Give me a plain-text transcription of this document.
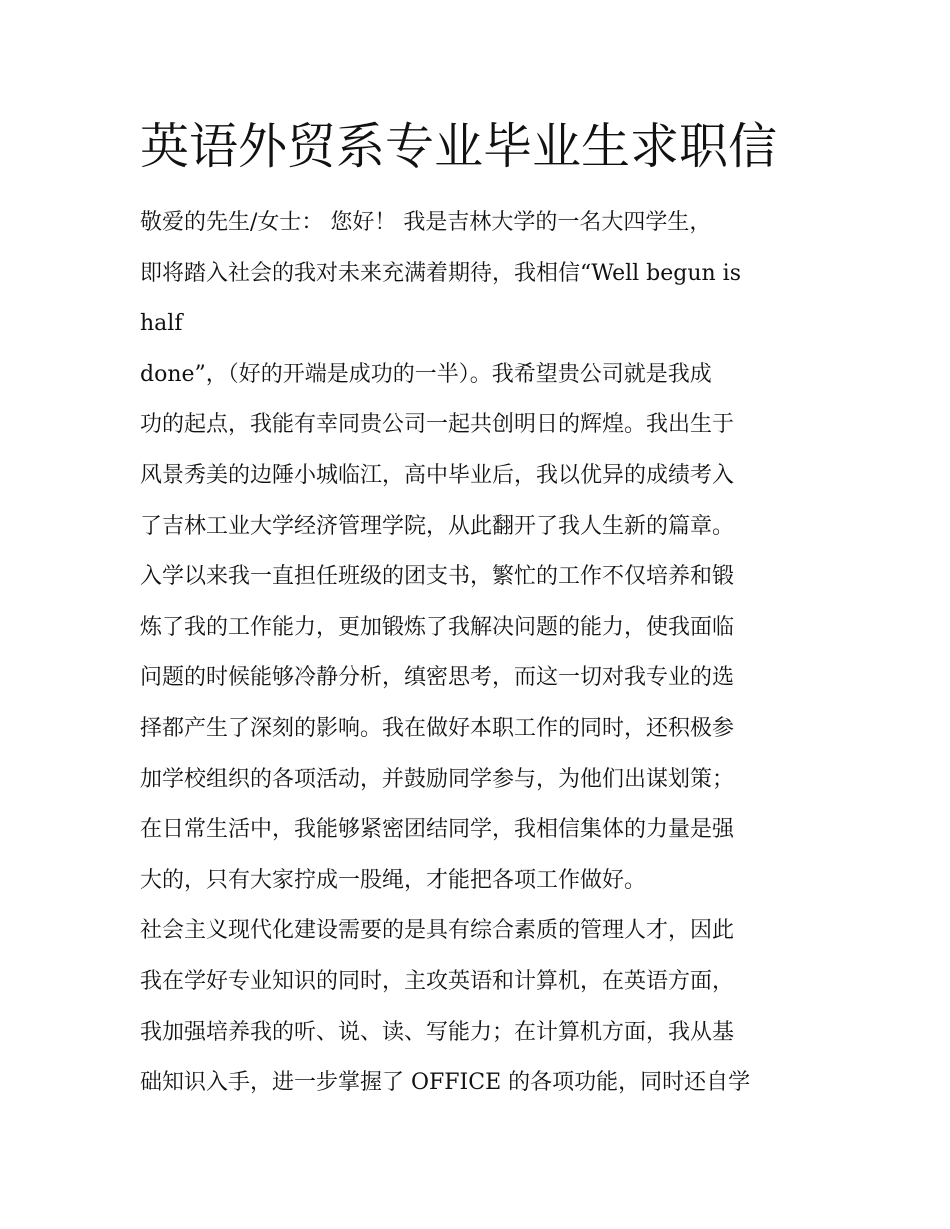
英语外贸系专业毕业生求职信
敬爱的先生/女士： 您好！ 我是吉林大学的一名大四学生，
即将踏入社会的我对未来充满着期待，我相信“Well begun is
half
done”，（好的开端是成功的一半）。我希望贵公司就是我成
功的起点，我能有幸同贵公司一起共创明日的辉煌。我出生于
风景秀美的边陲小城临江，高中毕业后，我以优异的成绩考入
了吉林工业大学经济管理学院，从此翻开了我人生新的篇章。
入学以来我一直担任班级的团支书，繁忙的工作不仅培养和锻
炼了我的工作能力，更加锻炼了我解决问题的能力，使我面临
问题的时候能够冷静分析，缜密思考，而这一切对我专业的选
择都产生了深刻的影响。我在做好本职工作的同时，还积极参
加学校组织的各项活动，并鼓励同学参与，为他们出谋划策；
在日常生活中，我能够紧密团结同学，我相信集体的力量是强
大的，只有大家拧成一股绳，才能把各项工作做好。
社会主义现代化建设需要的是具有综合素质的管理人才，因此
我在学好专业知识的同时，主攻英语和计算机，在英语方面，
我加强培养我的听、说、读、写能力；在计算机方面，我从基
础知识入手，进一步掌握了 OFFICE 的各项功能，同时还自学
